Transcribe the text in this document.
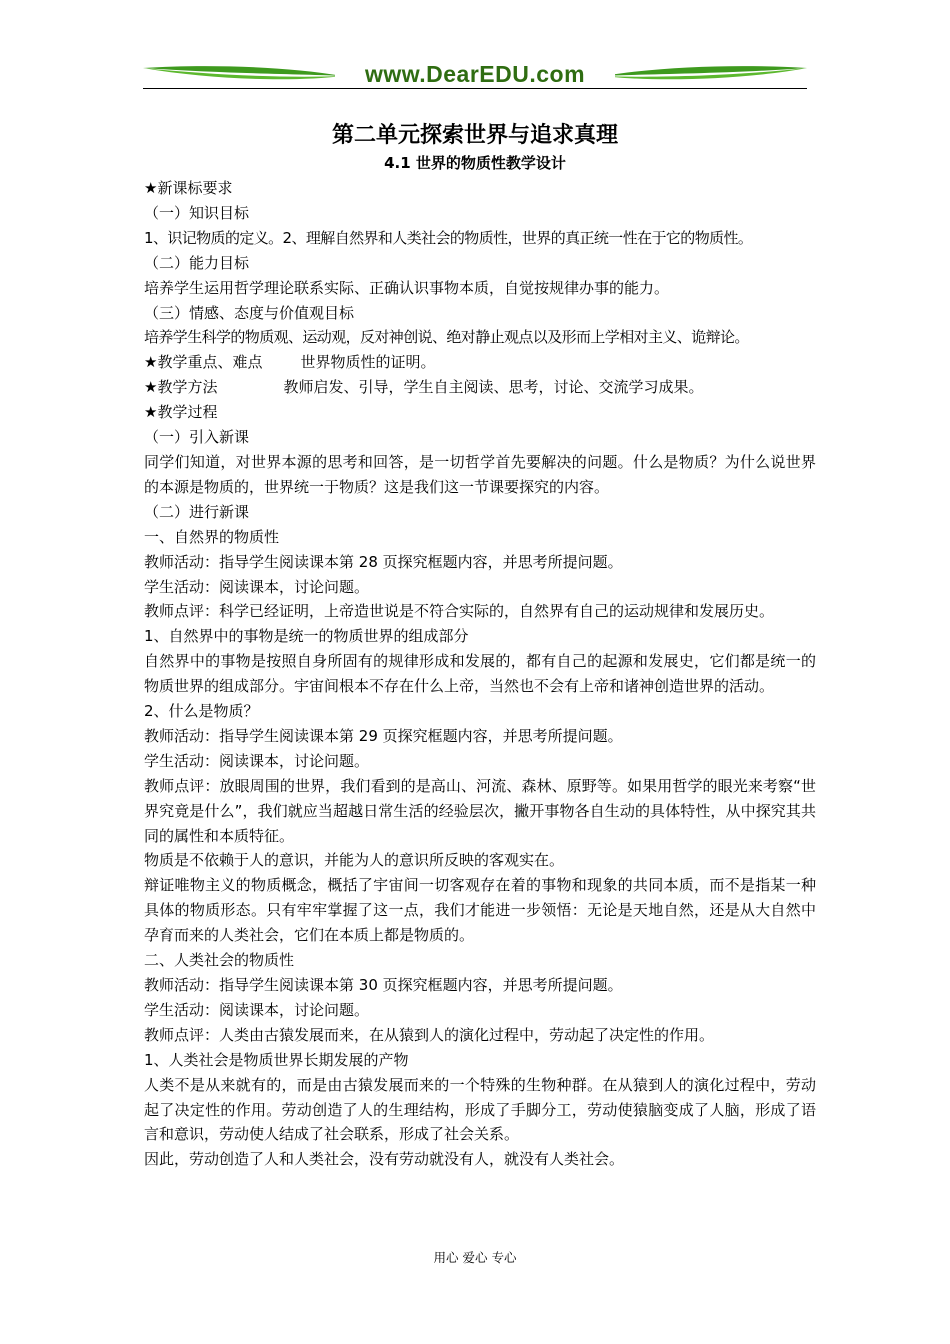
www.DearEDU.com
第二单元探索世界与追求真理
4.1 世界的物质性教学设计

★新课标要求

（一）知识目标

1、识记物质的定义。2、理解自然界和人类社会的物质性，世界的真正统一性在于它的物质性。

（二）能力目标

培养学生运用哲学理论联系实际、正确认识事物本质，自觉按规律办事的能力。

（三）情感、态度与价值观目标

培养学生科学的物质观、运动观，反对神创说、绝对静止观点以及形而上学相对主义、诡辩论。

★教学重点、难点	世界物质性的证明。

★教学方法	教师启发、引导，学生自主阅读、思考，讨论、交流学习成果。

★教学过程

（一）引入新课

同学们知道，对世界本源的思考和回答，是一切哲学首先要解决的问题。什么是物质？为什么说世界的本源是物质的，世界统一于物质？这是我们这一节课要探究的内容。

（二）进行新课

一、自然界的物质性

教师活动：指导学生阅读课本第 28 页探究框题内容，并思考所提问题。

学生活动：阅读课本，讨论问题。

教师点评：科学已经证明，上帝造世说是不符合实际的，自然界有自己的运动规律和发展历史。

1、自然界中的事物是统一的物质世界的组成部分

自然界中的事物是按照自身所固有的规律形成和发展的，都有自己的起源和发展史，它们都是统一的物质世界的组成部分。宇宙间根本不存在什么上帝，当然也不会有上帝和诸神创造世界的活动。

2、什么是物质？

教师活动：指导学生阅读课本第 29 页探究框题内容，并思考所提问题。

学生活动：阅读课本，讨论问题。

教师点评：放眼周围的世界，我们看到的是高山、河流、森林、原野等。如果用哲学的眼光来考察“世界究竟是什么”，我们就应当超越日常生活的经验层次，撇开事物各自生动的具体特性，从中探究其共同的属性和本质特征。

物质是不依赖于人的意识，并能为人的意识所反映的客观实在。

辩证唯物主义的物质概念，概括了宇宙间一切客观存在着的事物和现象的共同本质，而不是指某一种具体的物质形态。只有牢牢掌握了这一点，我们才能进一步领悟：无论是天地自然，还是从大自然中孕育而来的人类社会，它们在本质上都是物质的。

二、人类社会的物质性

教师活动：指导学生阅读课本第 30 页探究框题内容，并思考所提问题。

学生活动：阅读课本，讨论问题。

教师点评：人类由古猿发展而来，在从猿到人的演化过程中，劳动起了决定性的作用。

1、人类社会是物质世界长期发展的产物

人类不是从来就有的，而是由古猿发展而来的一个特殊的生物种群。在从猿到人的演化过程中，劳动起了决定性的作用。劳动创造了人的生理结构，形成了手脚分工，劳动使猿脑变成了人脑，形成了语言和意识，劳动使人结成了社会联系，形成了社会关系。

因此，劳动创造了人和人类社会，没有劳动就没有人，就没有人类社会。

用心 爱心 专心
